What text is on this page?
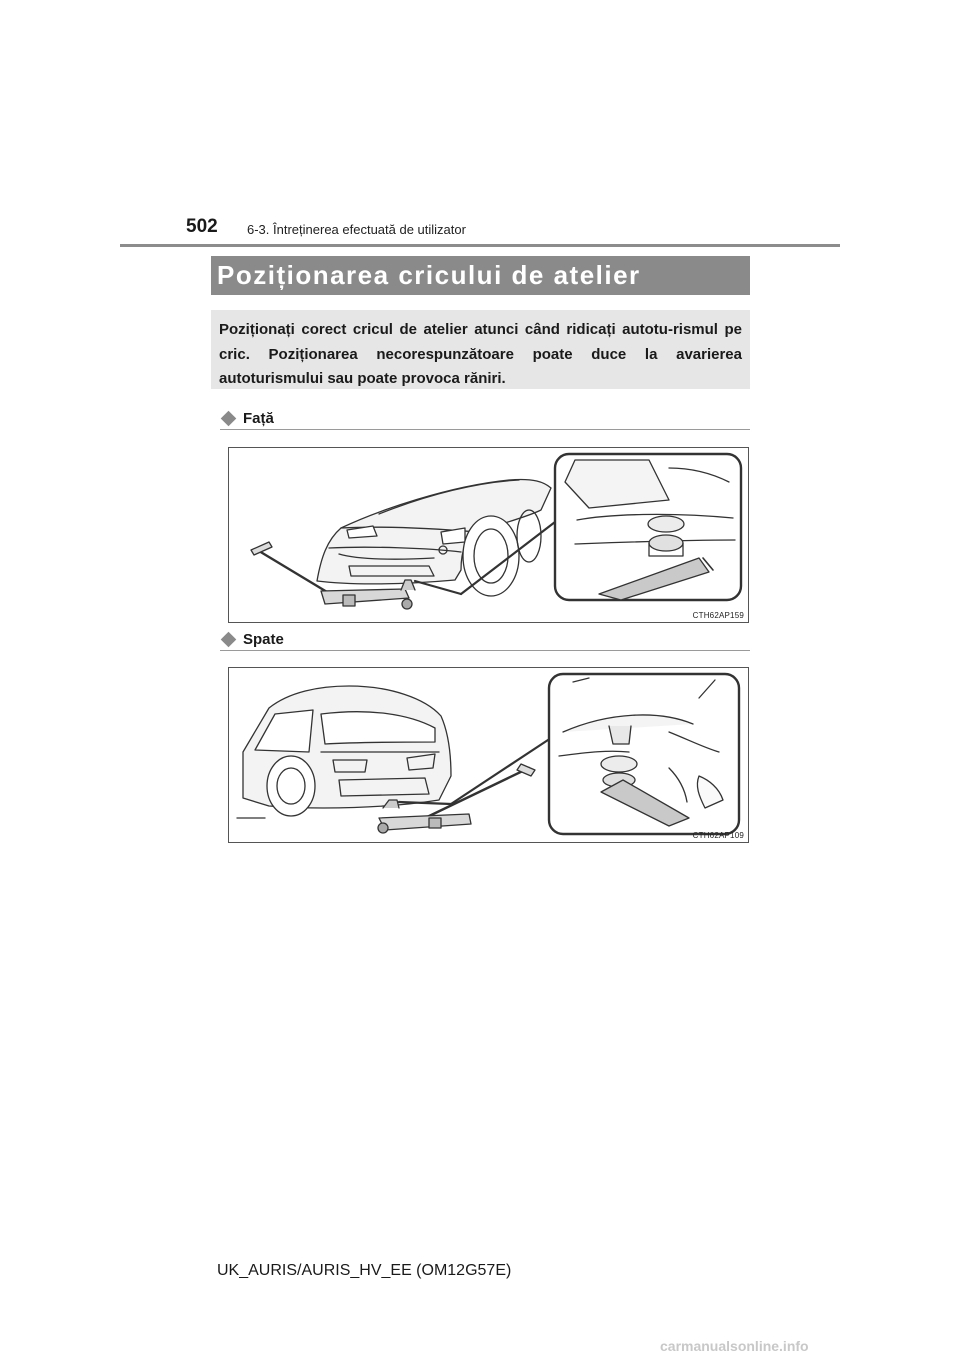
502 6-3. Întreținerea efectuată de utilizator
Poziționarea cricului de atelier

Poziționați corect cricul de atelier atunci când ridicați autotu-rismul pe cric. Poziționarea necorespunzătoare poate duce la avarierea autoturismului sau poate provoca răniri.

Față
CTH62AP159
Spate
CTH62AP109
UK_AURIS/AURIS_HV_EE (OM12G57E)
carmanualsonline.info
